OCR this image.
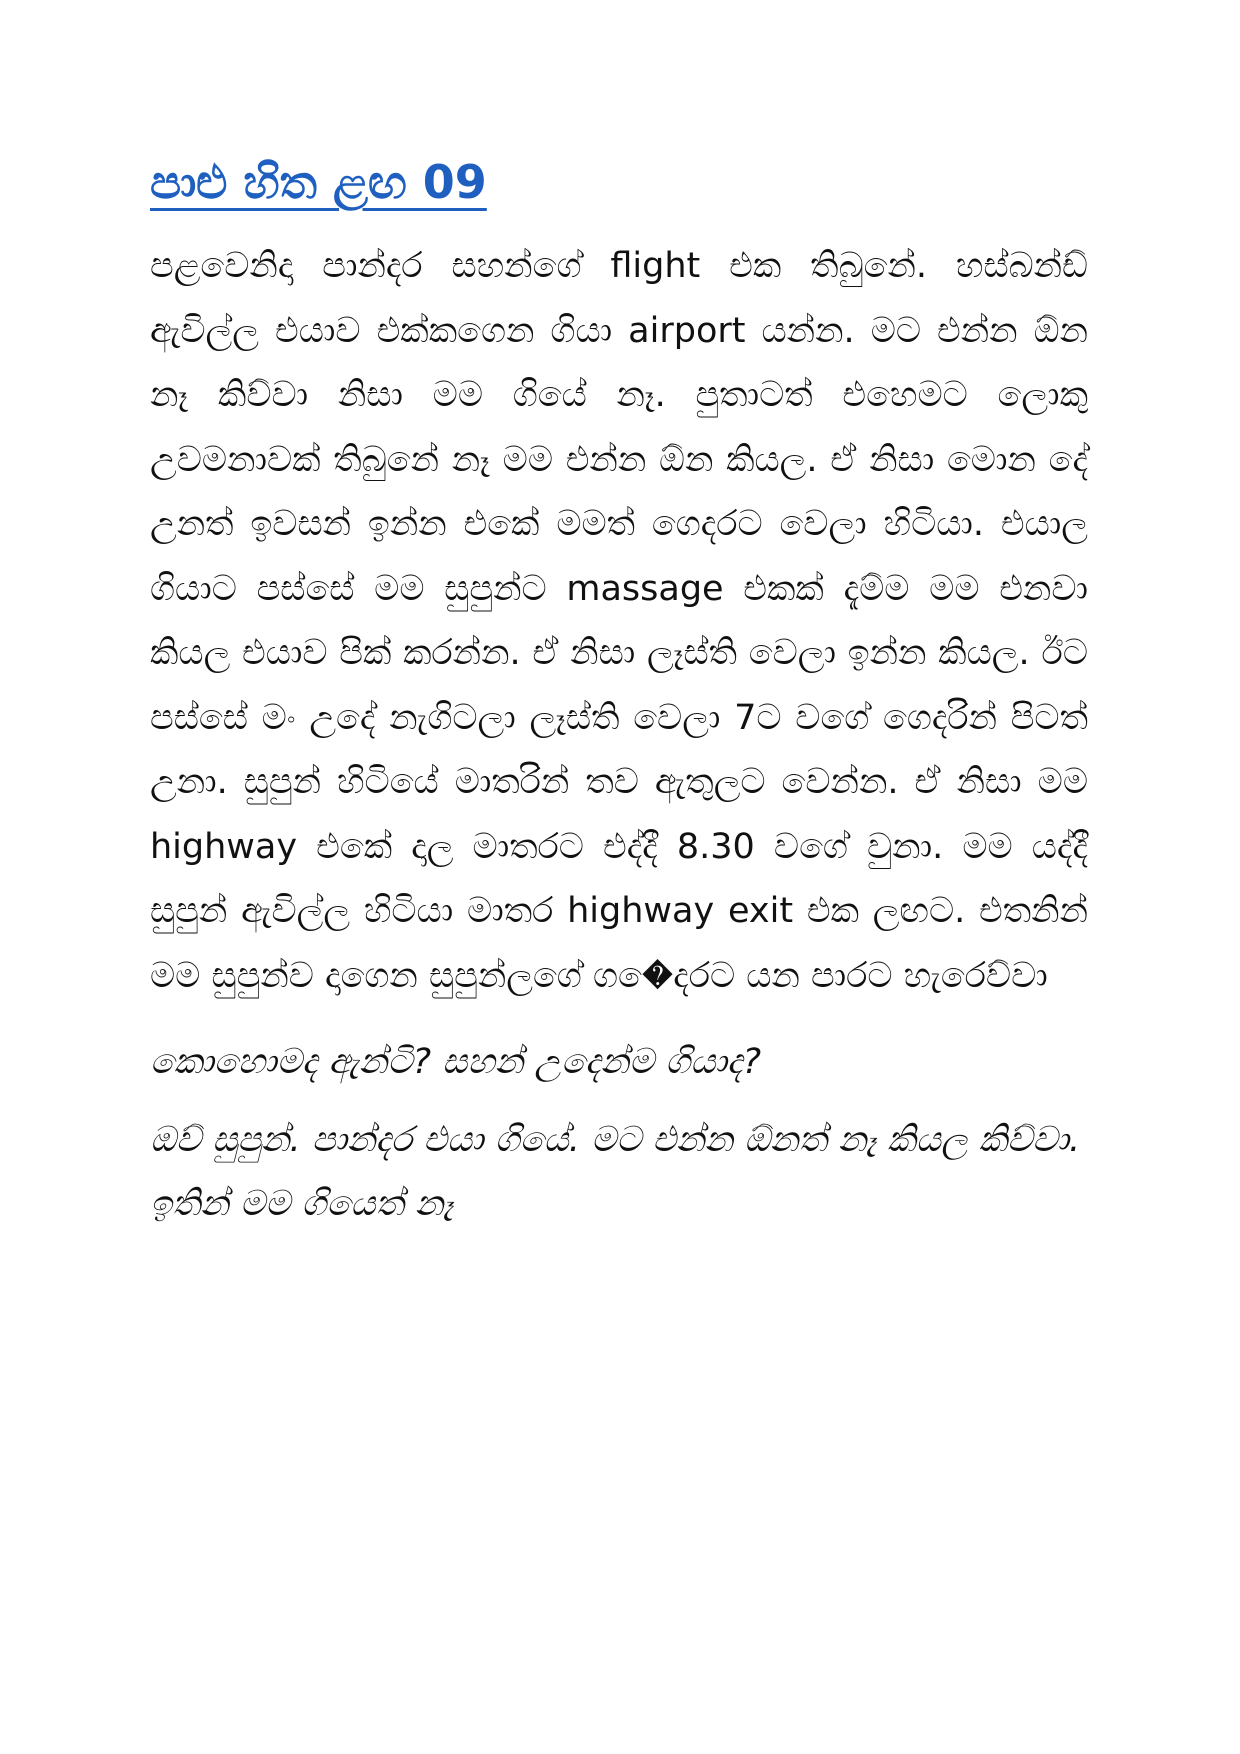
පාළු හිත ළඟ 09

පළවෙනිදා පාන්දර සහන්ගේ flight එක තිබුනේ. හස්බන්ඩ් ඇවිල්ල එයාව එක්කගෙන ගියා airport යන්න. මට එන්න ඕන නෑ කිව්වා නිසා මම ගියේ නෑ. පුතාටත් එහෙමට ලොකු උවමනාවක් තිබුනේ නෑ මම එන්න ඕන කියල. ඒ නිසා මොන දේ උනත් ඉවසන් ඉන්න එකේ මමත් ගෙදරට වෙලා හිටියා. එයාල ගියාට පස්සේ මම සුපුන්ට massage එකක් දැම්ම මම එනවා කියල එයාව පික් කරන්න. ඒ නිසා ලෑස්ති වෙලා ඉන්න කියල. ඊට පස්සේ මං උදේ නැගිටලා ලෑස්ති වෙලා 7ට වගේ ගෙදරින් පිටත් උනා. සුපුන් හිටියේ මාතරින් තව ඇතුලට වෙන්න. ඒ නිසා මම highway එකේ දාල මාතරට එද්දී 8.30 වගේ වුනා. මම යද්දී සුපුන් ඇවිල්ල හිටියා මාතර highway exit එක ලඟට. එතනින් මම සුපුන්ව දාගෙන සුපුන්ලගේ ග�ෙදරට යන පාරට හැරෙව්වා

කොහොමද ඇන්ටි? සහන් උදෙන්ම ගියාද?

ඔව් සුපුන්. පාන්දර එයා ගියේ. මට එන්න ඕනත් නෑ කියල කිව්වා. ඉතින් මම ගියෙත් නෑ
